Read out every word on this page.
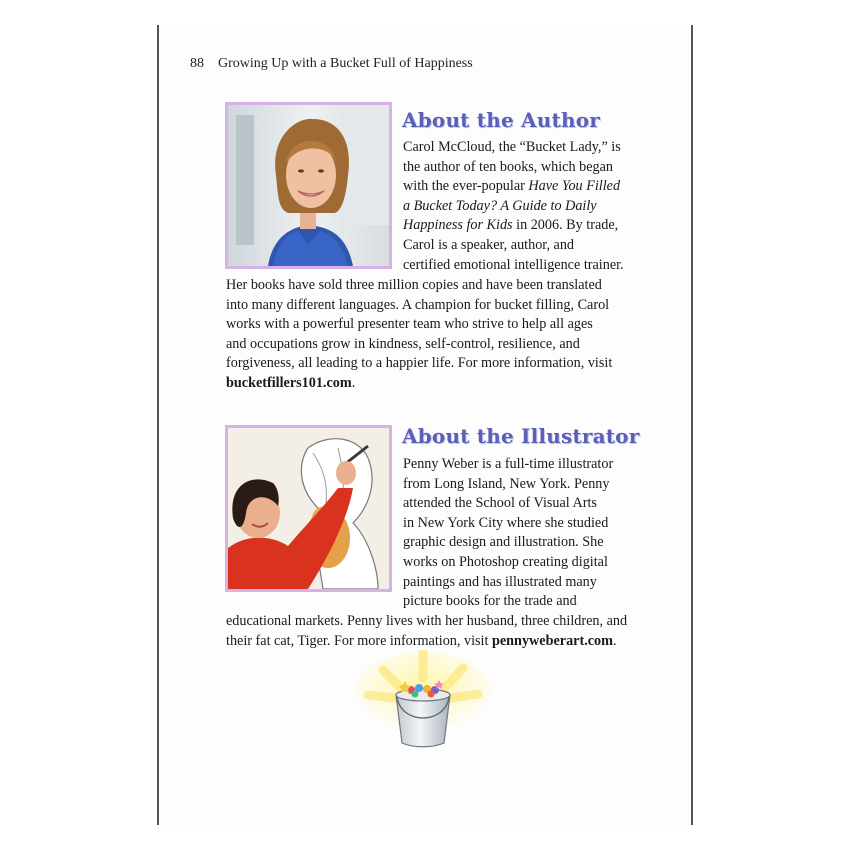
88 Growing Up with a Bucket Full of Happiness
About the Author
Carol McCloud, the “Bucket Lady,” is
the author of ten books, which began
with the ever-popular Have You Filled
a Bucket Today? A Guide to Daily
Happiness for Kids in 2006. By trade,
Carol is a speaker, author, and
certified emotional intelligence trainer.
Her books have sold three million copies and have been translated
into many different languages. A champion for bucket filling, Carol
works with a powerful presenter team who strive to help all ages
and occupations grow in kindness, self-control, resilience, and
forgiveness, all leading to a happier life. For more information, visit
bucketfillers101.com.
About the Illustrator
Penny Weber is a full-time illustrator
from Long Island, New York. Penny
attended the School of Visual Arts
in New York City where she studied
graphic design and illustration. She
works on Photoshop creating digital
paintings and has illustrated many
picture books for the trade and
educational markets. Penny lives with her husband, three children, and
their fat cat, Tiger. For more information, visit pennyweberart.com.
